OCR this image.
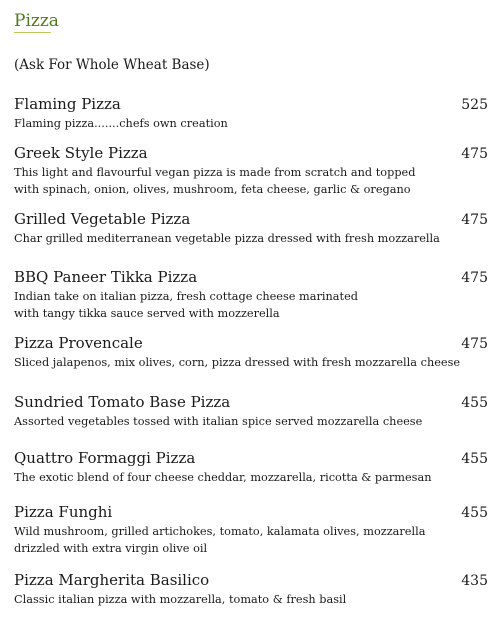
Pizza
(Ask For Whole Wheat Base)
Flaming Pizza	525
Flaming pizza.......chefs own creation
Greek Style Pizza	475
This light and flavourful vegan pizza is made from scratch and topped
with spinach, onion, olives, mushroom, feta cheese, garlic & oregano
Grilled Vegetable Pizza	475
Char grilled mediterranean vegetable pizza dressed with fresh mozzarella
BBQ Paneer Tikka Pizza	475
Indian take on italian pizza, fresh cottage cheese marinated
with tangy tikka sauce served with mozzerella
Pizza Provencale	475
Sliced jalapenos, mix olives, corn, pizza dressed with fresh mozzarella cheese
Sundried Tomato Base Pizza	455
Assorted vegetables tossed with italian spice served mozzarella cheese
Quattro Formaggi Pizza	455
The exotic blend of four cheese cheddar, mozzarella, ricotta & parmesan
Pizza Funghi	455
Wild mushroom, grilled artichokes, tomato, kalamata olives, mozzarella
drizzled with extra virgin olive oil
Pizza Margherita Basilico	435
Classic italian pizza with mozzarella, tomato & fresh basil
